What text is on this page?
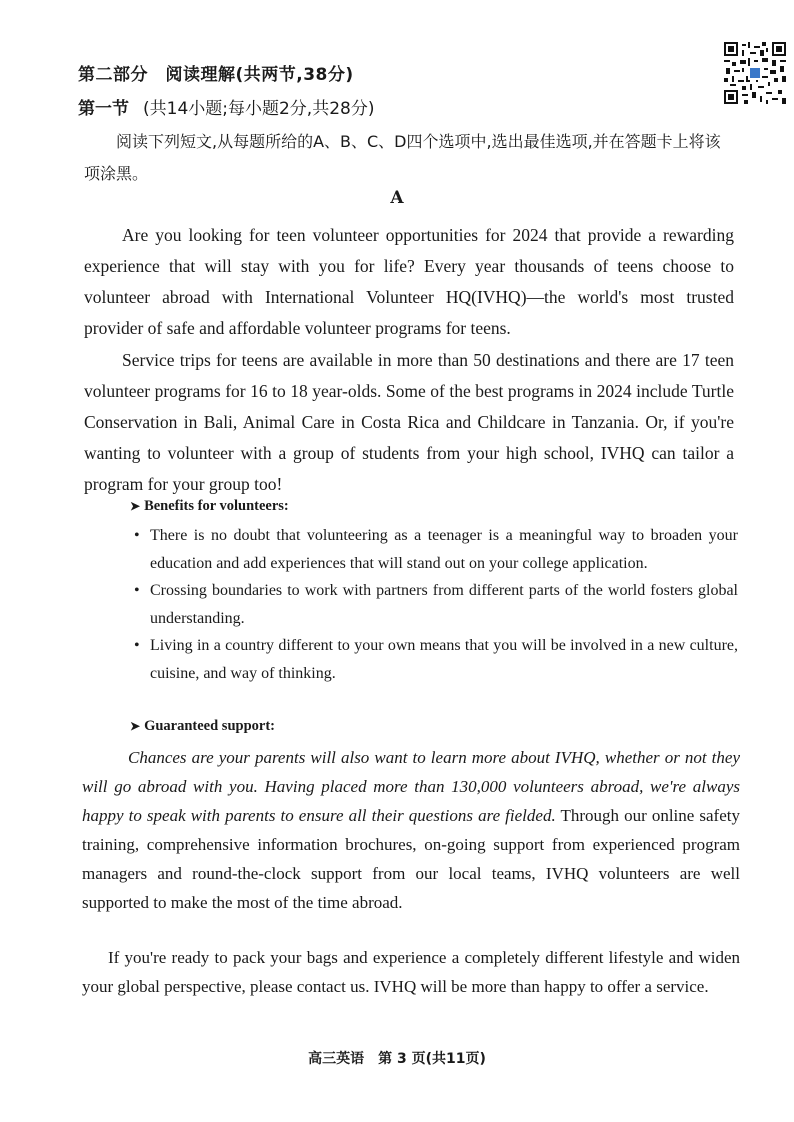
第二部分　阅读理解(共两节,38分)
第一节 (共14小题;每小题2分,共28分)
阅读下列短文,从每题所给的A、B、C、D四个选项中,选出最佳选项,并在答题卡上将该项涂黑。
A

Are you looking for teen volunteer opportunities for 2024 that provide a rewarding experience that will stay with you for life? Every year thousands of teens choose to volunteer abroad with International Volunteer HQ(IVHQ)—the world's most trusted provider of safe and affordable volunteer programs for teens.

Service trips for teens are available in more than 50 destinations and there are 17 teen volunteer programs for 16 to 18 year-olds. Some of the best programs in 2024 include Turtle Conservation in Bali, Animal Care in Costa Rica and Childcare in Tanzania. Or, if you're wanting to volunteer with a group of students from your high school, IVHQ can tailor a program for your group too!

➤ Benefits for volunteers:
• There is no doubt that volunteering as a teenager is a meaningful way to broaden your education and add experiences that will stand out on your college application.
• Crossing boundaries to work with partners from different parts of the world fosters global understanding.
• Living in a country different to your own means that you will be involved in a new culture, cuisine, and way of thinking.
➤ Guaranteed support:

Chances are your parents will also want to learn more about IVHQ, whether or not they will go abroad with you. Having placed more than 130,000 volunteers abroad, we're always happy to speak with parents to ensure all their questions are fielded. Through our online safety training, comprehensive information brochures, on-going support from experienced program managers and round-the-clock support from our local teams, IVHQ volunteers are well supported to make the most of the time abroad.

If you're ready to pack your bags and experience a completely different lifestyle and widen your global perspective, please contact us. IVHQ will be more than happy to offer a service.

高三英语　第 3 页(共11页)
